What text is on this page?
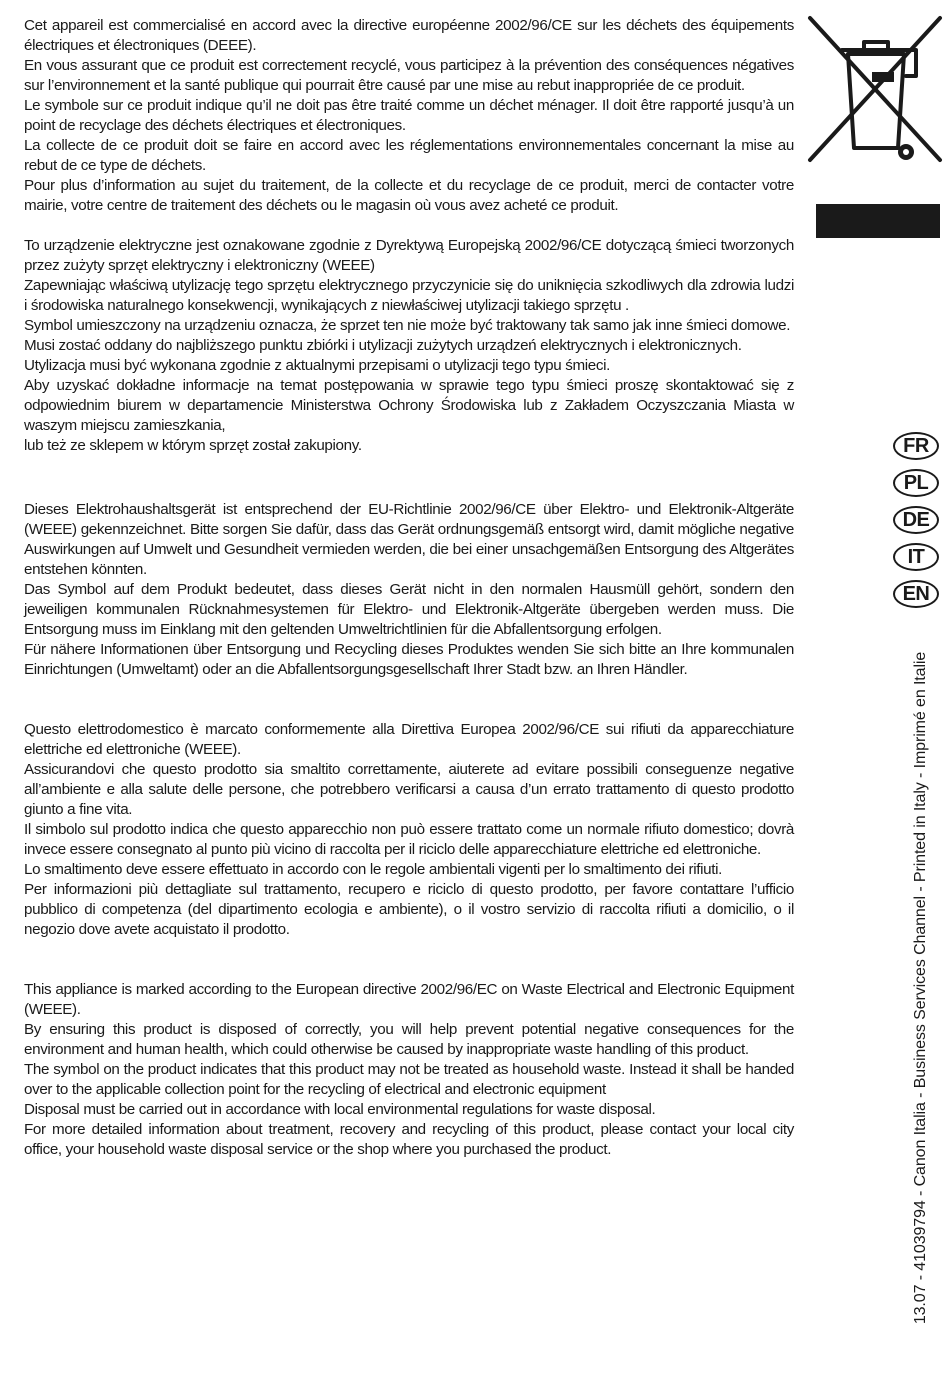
Cet appareil est commercialisé en accord avec la directive européenne 2002/96/CE sur les déchets des équipements électriques et électroniques (DEEE).

En vous assurant que ce produit est correctement recyclé, vous participez à la prévention des conséquences négatives sur l’environnement et la santé publique qui pourrait être causé par une mise au rebut inappropriée de ce produit.

Le symbole sur ce produit indique qu’il ne doit pas être traité comme un déchet ménager. Il doit être rapporté jusqu’à un point de recyclage des déchets électriques et électroniques.

La collecte de ce produit doit se faire en accord avec les réglementations environnementales concernant la mise au rebut de ce type de déchets.

Pour plus d’information au sujet du traitement, de la collecte et du recyclage de ce produit, merci de contacter votre mairie, votre centre de traitement des déchets ou le magasin où vous avez acheté ce produit.

To urządzenie elektryczne jest oznakowane zgodnie z Dyrektywą Europejską 2002/96/CE dotyczącą śmieci tworzonych przez zużyty sprzęt elektryczny i elektroniczny (WEEE)

Zapewniając właściwą utylizację tego sprzętu elektrycznego przyczynicie się do uniknięcia szkodliwych dla zdrowia ludzi i środowiska naturalnego konsekwencji, wynikających z niewłaściwej utylizacji takiego sprzętu .

Symbol umieszczony na urządzeniu oznacza, że sprzet ten nie może być traktowany tak samo jak inne śmieci domowe.

Musi zostać oddany do najbliższego punktu zbiórki i utylizacji zużytych urządzeń elektrycznych i elektronicznych.

Utylizacja musi być wykonana zgodnie z aktualnymi przepisami o utylizacji tego typu śmieci.

Aby uzyskać dokładne informacje na temat postępowania w sprawie tego typu śmieci proszę skontaktować się z odpowiednim biurem w departamencie Ministerstwa Ochrony Środowiska lub z Zakładem Oczyszczania Miasta w waszym miejscu zamieszkania,

lub też ze sklepem w którym sprzęt został zakupiony.

Dieses Elektrohaushaltsgerät ist entsprechend der EU-Richtlinie 2002/96/CE über Elektro- und Elektronik-Altgeräte (WEEE) gekennzeichnet. Bitte sorgen Sie dafür, dass das Gerät ordnungsgemäß entsorgt wird, damit mögliche negative Auswirkungen auf Umwelt und Gesundheit vermieden werden, die bei einer unsachgemäßen Entsorgung des Altgerätes entstehen könnten.

Das Symbol auf dem Produkt bedeutet, dass dieses Gerät nicht in den normalen Hausmüll gehört, sondern den jeweiligen kommunalen Rücknahmesystemen für Elektro- und Elektronik-Altgeräte übergeben werden muss. Die Entsorgung muss im Einklang mit den geltenden Umweltrichtlinien für die Abfallentsorgung erfolgen.

Für nähere Informationen über Entsorgung und Recycling dieses Produktes wenden Sie sich bitte an Ihre kommunalen Einrichtungen (Umweltamt) oder an die Abfallentsorgungsgesellschaft Ihrer Stadt bzw. an Ihren Händler.

Questo elettrodomestico è marcato conformemente alla Direttiva Europea 2002/96/CE sui rifiuti da apparecchiature elettriche ed elettroniche (WEEE).

Assicurandovi che questo prodotto sia smaltito correttamente, aiuterete ad evitare possibili conseguenze negative all’ambiente e alla salute delle persone, che potrebbero verificarsi a causa d’un errato trattamento di questo prodotto giunto a fine vita.

Il simbolo sul prodotto indica che questo apparecchio non può essere trattato come un normale rifiuto domestico; dovrà invece essere consegnato al punto più vicino di raccolta per il riciclo delle apparecchiature elettriche ed elettroniche.

Lo smaltimento deve essere effettuato in accordo con le regole ambientali vigenti per lo smaltimento dei rifiuti.

Per informazioni più dettagliate sul trattamento, recupero e riciclo di questo prodotto, per favore contattare l’ufficio pubblico di competenza (del dipartimento ecologia e ambiente), o il vostro servizio di raccolta rifiuti a domicilio, o il negozio dove avete acquistato il prodotto.

This appliance is marked according to the European directive 2002/96/EC on Waste Electrical and Electronic Equipment (WEEE).

By ensuring this product is disposed of correctly, you will help prevent potential negative consequences for the environment and human health, which could otherwise be caused by inappropriate waste handling of this product.

The symbol on the product indicates that this product may not be treated as household waste. Instead it shall be handed over to the applicable collection point for the recycling of electrical and electronic equipment

Disposal must be carried out in accordance with local environmental regulations for waste disposal.

For more detailed information about treatment, recovery and recycling of this product, please contact your local city office, your household waste disposal service or the shop where you purchased the product.

FR
PL
DE
IT
EN
13.07 - 41039794 - Canon Italia - Business Services Channel - Printed in Italy - Imprimé en Italie
